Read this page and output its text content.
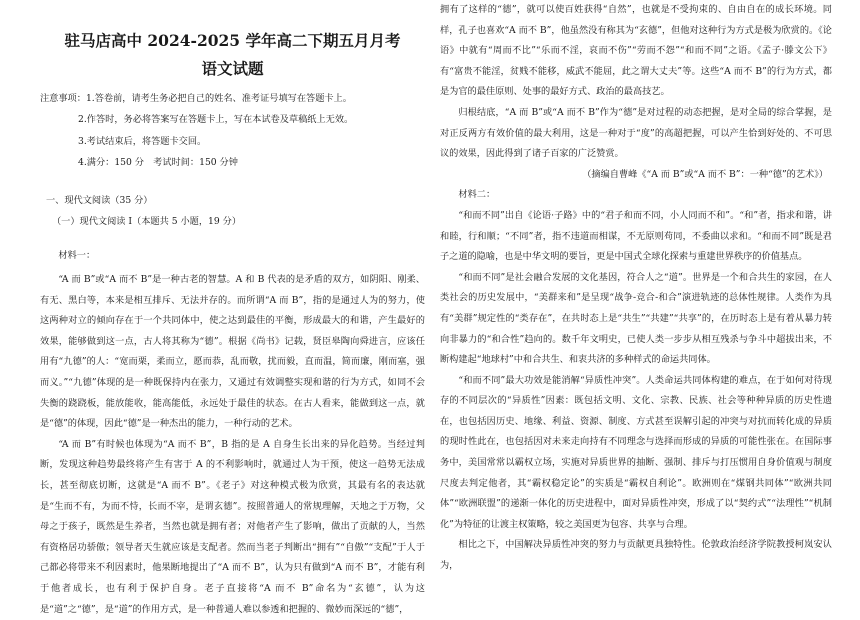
驻马店高中 2024-2025 学年高二下期五月月考
语文试题
注意事项：1.答卷前，请考生务必把自己的姓名、准考证号填写在答题卡上。
2.作答时，务必将答案写在答题卡上，写在本试卷及草稿纸上无效。
3.考试结束后，将答题卡交回。
4.满分：150 分　考试时间：150 分钟
一、现代文阅读（35 分）
（一）现代文阅读 I（本题共 5 小题，19 分）

材料一：

“A 而 B”或“A 而不 B”是一种古老的智慧。A 和 B 代表的是矛盾的双方，如阴阳、刚柔、有无、黑白等，本来是相互排斥、无法并存的。而所谓“A 而 B”，指的是通过人为的努力，使这两种对立的倾向存在于一个共同体中，使之达到最佳的平衡，形成最大的和谐，产生最好的效果，能够做到这一点，古人将其称为“德”。根据《尚书》记载，贤臣皋陶向舜进言，应该任用有“九德”的人：“宽而栗，柔而立，愿而恭，乱而敬，扰而毅，直而温，简而廉，刚而塞，强而义。”“九德”体现的是一种既保持内在张力，又通过有效调整实现和谐的行为方式，如同不会失衡的跷跷板，能放能收，能高能低，永远处于最佳的状态。在古人看来，能做到这一点，就是“德”的体现，因此“德”是一种杰出的能力，一种行动的艺术。

“A 而 B”有时候也体现为“A 而不 B”，B 指的是 A 自身生长出来的异化趋势。当经过判断，发现这种趋势最终将产生有害于 A 的不利影响时，就通过人为干预，使这一趋势无法成长，甚至彻底切断，这就是“A 而不 B”。《老子》对这种模式极为欣赏，其最有名的表达就是“生而不有，为而不恃，长而不宰，是谓玄德”。按照普通人的常规理解，天地之于万物，父母之于孩子，既然是生养者，当然也就是拥有者；对他者产生了影响，做出了贡献的人，当然有资格居功骄傲；领导者天生就应该是支配者。然而当老子判断出“拥有”“自傲”“支配”于人于己都必将带来不利因素时，他果断地提出了“A 而不 B”，认为只有做到“A 而不 B”，才能有利于他者成长，也有利于保护自身。老子直接将“A 而不 B”命名为“玄德”，认为这是“道”之“德”，是“道”的作用方式，是一种普通人难以参透和把握的、微妙而深远的“德”，

拥有了这样的“德”，就可以使百姓获得“自然”，也就是不受拘束的、自由自在的成长环境。同样，孔子也喜欢“A 而不 B”，他虽然没有称其为“玄德”，但他对这种行为方式是极为欣赏的。《论语》中就有“周而不比”“乐而不淫，哀而不伤”“劳而不怨”“和而不同”之语。《孟子·滕文公下》有“富贵不能淫，贫贱不能移，威武不能屈，此之谓大丈夫”等。这些“A 而不 B”的行为方式，都是为官的最佳原则、处事的最好方式、政治的最高技艺。

归根结底，“A 而 B”或“A 而不 B”作为“德”是对过程的动态把握，是对全局的综合掌握，是对正反两方有效价值的最大利用，这是一种对于“度”的高超把握，可以产生恰到好处的、不可思议的效果，因此得到了诸子百家的广泛赞赏。

（摘编自曹峰《“A 而 B”或“A 而不 B”：一种“德”的艺术》）

材料二：

“和而不同”出自《论语·子路》中的“君子和而不同，小人同而不和”。“和”者，指求和谐，讲和睦，行和顺；“不同”者，指不违道而相谋，不无原则苟同，不委曲以求和。“和而不同”既是君子之道的隐喻，也是中华文明的要旨，更是中国式全球化探索与重建世界秩序的价值基点。

“和而不同”是社会融合发展的文化基因，符合人之“道”。世界是一个和合共生的家园，在人类社会的历史发展中，“美群来和”是呈现“战争-竞合-和合”演进轨迹的总体性规律。人类作为具有“美群”规定性的“类存在”，在共时态上是“共生”“共建”“共享”的，在历时态上是有着从暴力转向非暴力的“和合性”趋向的。数千年文明史，已使人类一步步从相互残杀与争斗中超拔出来，不断构建起“地球村”中和合共生、和衷共济的多种样式的命运共同体。

“和而不同”最大功效是能消解“异质性冲突”。人类命运共同体构建的难点，在于如何对待现存的不同层次的“异质性”因素：既包括文明、文化、宗教、民族、社会等种种异质的历史性遗在，也包括因历史、地缘、利益、资源、制度、方式甚至误解引起的冲突与对抗而转化成的异质的现时性此在，也包括因对未来走向持有不同理念与选择而形成的异质的可能性张在。在国际事务中，美国常常以霸权立场，实施对异质世界的抽断、强制、排斥与打压惯用自身价值观与制度尺度去判定他者，其“霸权稳定论”的实质是“霸权自利论”。欧洲则在“煤钢共同体”“欧洲共同体”“欧洲联盟”的递渐一体化的历史进程中，面对异质性冲突，形成了以“契约式”“法理性”“机制化”为特征的让渡主权策略，较之美国更为包容、共享与合理。

相比之下，中国解决异质性冲突的努力与贡献更具独特性。伦敦政治经济学院教授柯岚安认为，
